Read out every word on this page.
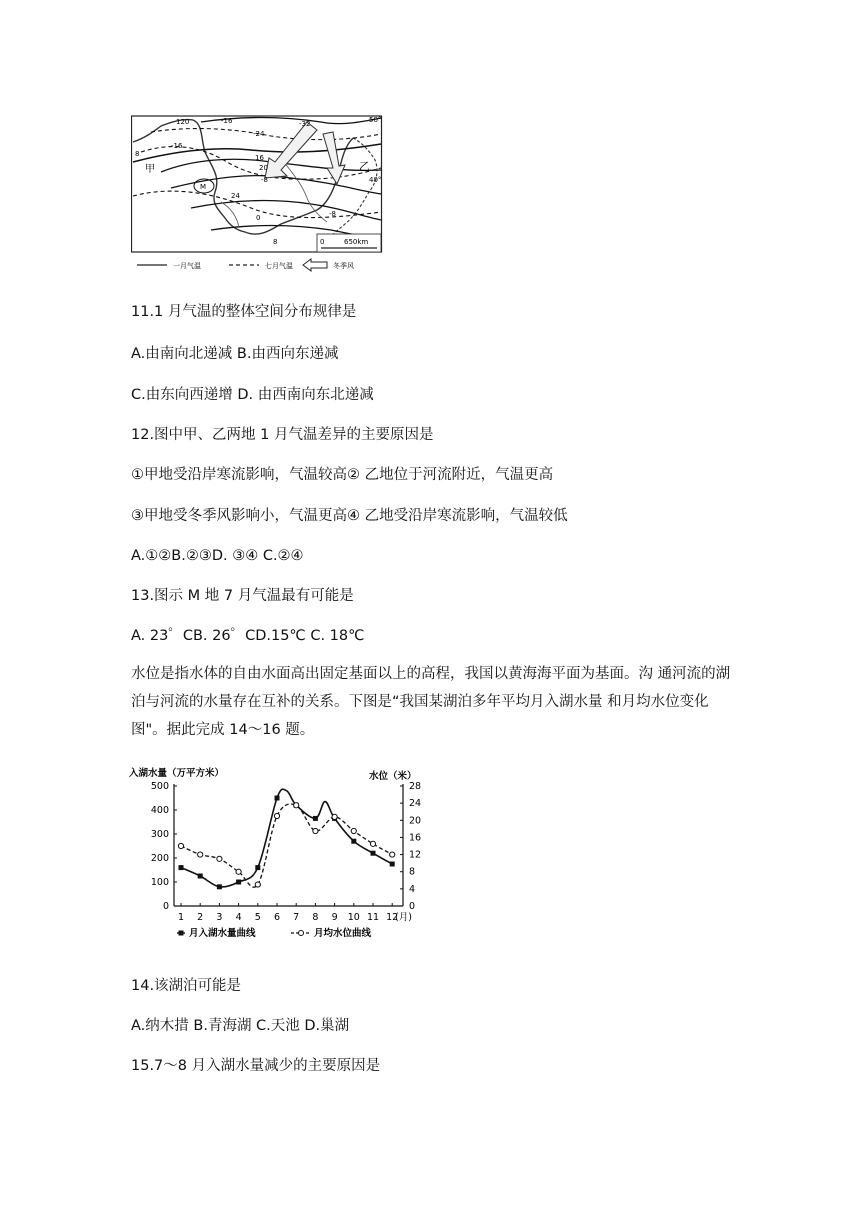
120	-16
-24
-32
8
-16
-8
16
20
24
0
8
-8
M
甲	乙
50°
40°
0	650km
一月气温	七月气温	冬季风
11.1 月气温的整体空间分布规律是
A.由南向北递减 B.由西向东递减
C.由东向西递增 D. 由西南向东北递减
12.图中甲、乙两地 1 月气温差异的主要原因是
①甲地受沿岸寒流影响，气温较高② 乙地位于河流附近，气温更高
③甲地受冬季风影响小，气温更高④ 乙地受沿岸寒流影响，气温较低
A.①②B.②③D. ③④ C.②④
13.图示 M 地 7 月气温最有可能是
A. 23゜CB. 26゜CD.15℃ C. 18℃
水位是指水体的自由水面高出固定基面以上的高程，我国以黄海海平面为基面。沟 通河流的湖泊与河流的水量存在互补的关系。下图是“我国某湖泊多年平均月入湖水量 和月均水位变化图"。据此完成 14～16 题。
入湖水量（万平方米）	水位（米）
500
400
300
200
100
0
28
24
20
16
12
8
4
0
1 2 3 4 5 6 7 8 9 10 11 12
(月)
月入湖水量曲线	月均水位曲线
14.该湖泊可能是
A.纳木措 B.青海湖 C.天池 D.巢湖
15.7～8 月入湖水量减少的主要原因是
